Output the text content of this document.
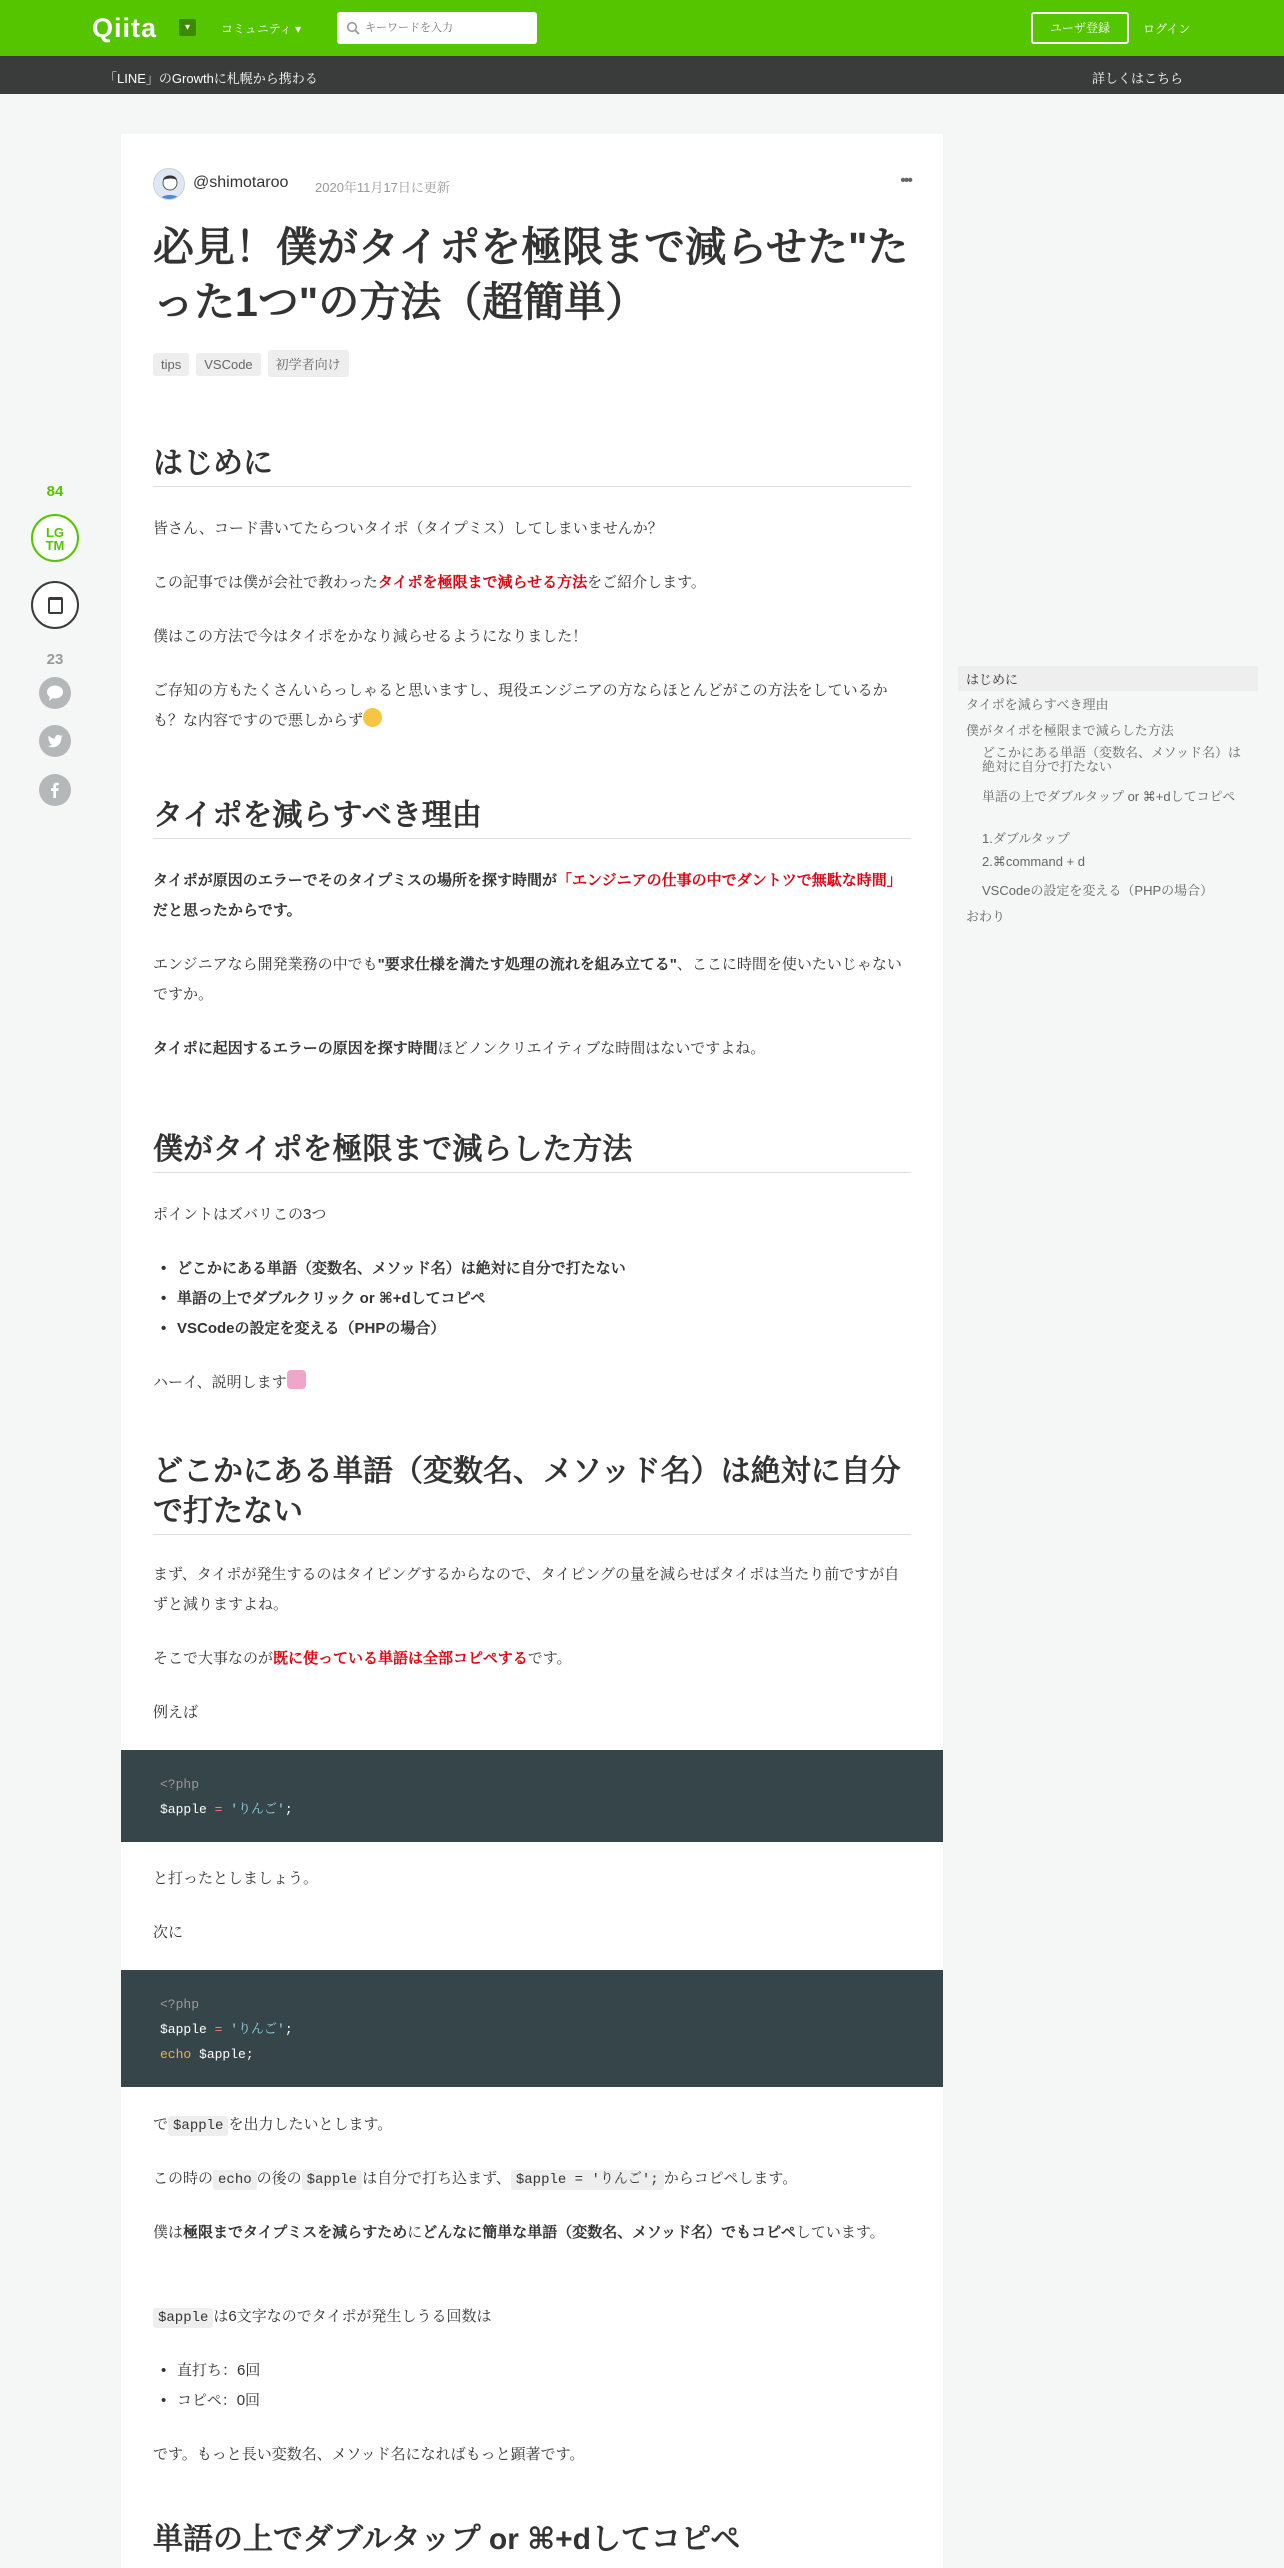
Qiita	▾	コミュニティ ▾
キーワードを入力	ユーザ登録	ログイン
「LINE」のGrowthに札幌から携わる	詳しくはこちら
84
LG
TM
23
@shimotaroo 2020年11月17日に更新	•••
必見！僕がタイポを極限まで減らせた"たった1つ"の方法（超簡単）
tips VSCode 初学者向け
はじめに

皆さん、コード書いてたらついタイポ（タイプミス）してしまいませんか？

この記事では僕が会社で教わったタイポを極限まで減らせる方法をご紹介します。

僕はこの方法で今はタイポをかなり減らせるようになりました！

ご存知の方もたくさんいらっしゃると思いますし、現役エンジニアの方ならほとんどがこの方法をしているかも？な内容ですので悪しからず

タイポを減らすべき理由

タイポが原因のエラーでそのタイプミスの場所を探す時間が「エンジニアの仕事の中でダントツで無駄な時間」だと思ったからです。

エンジニアなら開発業務の中でも"要求仕様を満たす処理の流れを組み立てる"、ここに時間を使いたいじゃないですか。

タイポに起因するエラーの原因を探す時間ほどノンクリエイティブな時間はないですよね。

僕がタイポを極限まで減らした方法

ポイントはズバリこの3つ

• どこかにある単語（変数名、メソッド名）は絶対に自分で打たない
• 単語の上でダブルクリック or ⌘+dしてコピペ
• VSCodeの設定を変える（PHPの場合）

ハーイ、説明します

どこかにある単語（変数名、メソッド名）は絶対に自分で打たない

まず、タイポが発生するのはタイピングするからなので、タイピングの量を減らせばタイポは当たり前ですが自ずと減りますよね。

そこで大事なのが既に使っている単語は全部コピペするです。

例えば

<?php
$apple = 'りんご';

と打ったとしましょう。

次に

<?php
$apple = 'りんご';
echo $apple;

で $apple を出力したいとします。

この時の echo の後の $apple は自分で打ち込まず、 $apple = 'りんご'; からコピペします。

僕は極限までタイプミスを減らすためにどんなに簡単な単語（変数名、メソッド名）でもコピペしています。

$apple は6文字なのでタイポが発生しうる回数は

• 直打ち：6回
• コピペ：0回

です。もっと長い変数名、メソッド名になればもっと顕著です。

単語の上でダブルタップ or ⌘+dしてコピペ
はじめに
タイポを減らすべき理由
僕がタイポを極限まで減らした方法
どこかにある単語（変数名、メソッド名）は絶対に自分で打たない
単語の上でダブルタップ or ⌘+dしてコピペ
1.ダブルタップ
2.⌘command + d
VSCodeの設定を変える（PHPの場合）
おわり
